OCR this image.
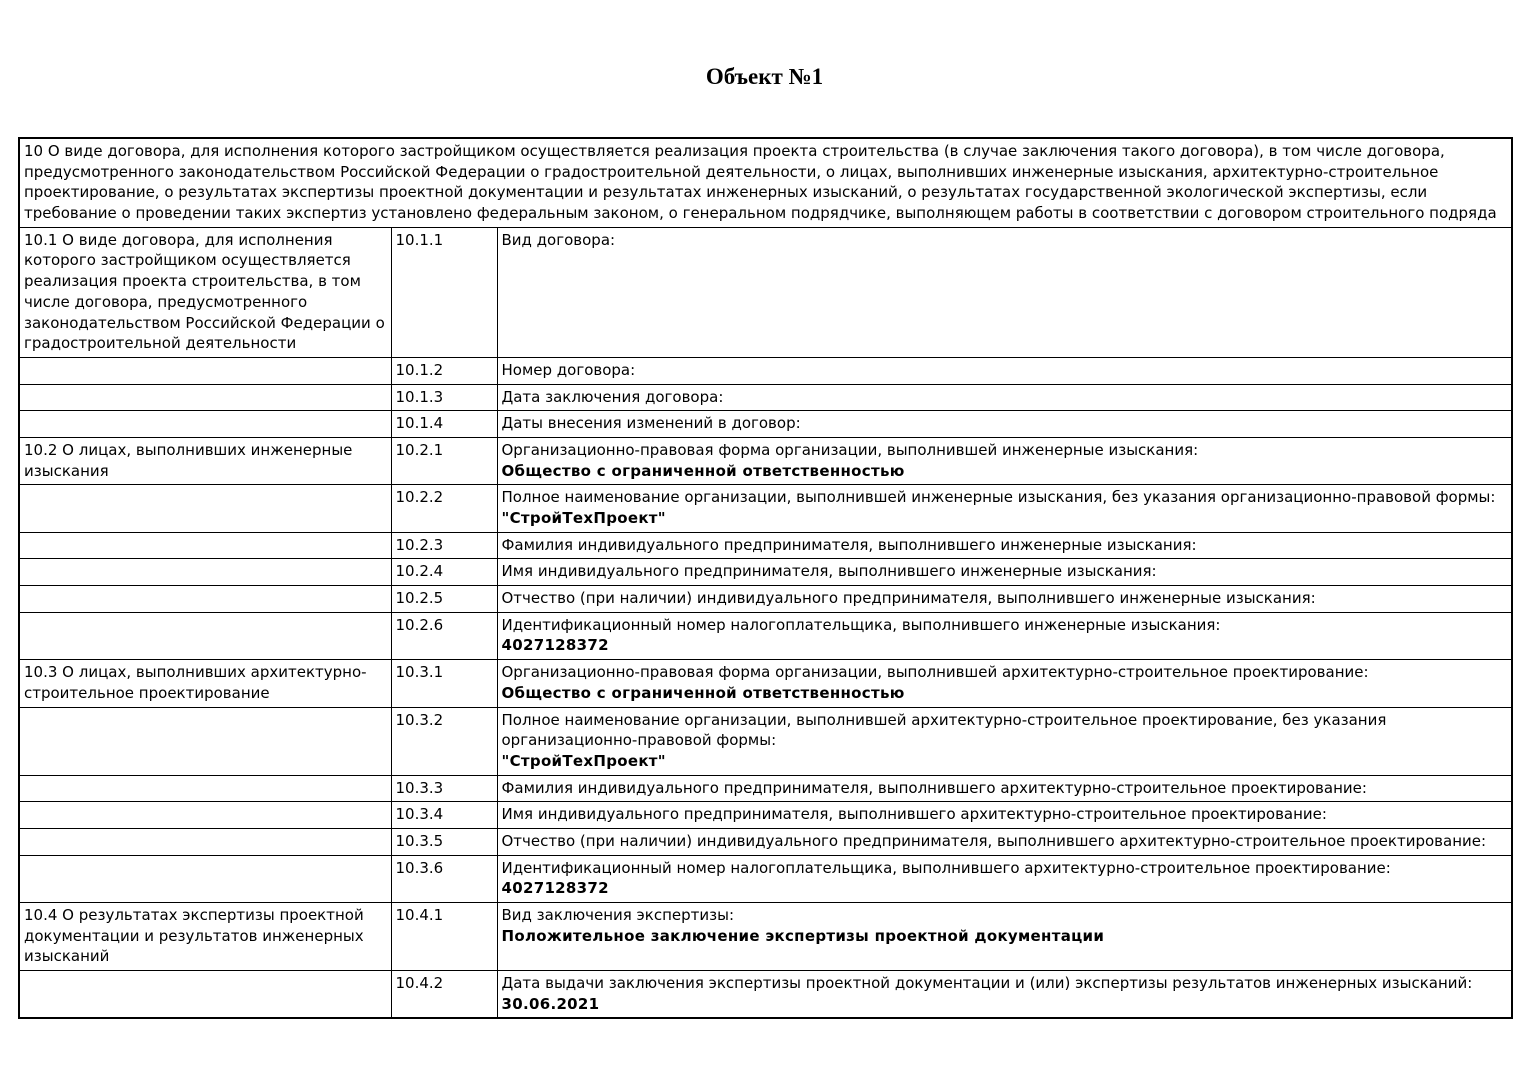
Объект №1
10 О виде договора, для исполнения которого застройщиком осуществляется реализация проекта строительства (в случае заключения такого договора), в том числе договора, предусмотренного законодательством Российской Федерации о градостроительной деятельности, о лицах, выполнивших инженерные изыскания, архитектурно-строительное проектирование, о результатах экспертизы проектной документации и результатах инженерных изысканий, о результатах государственной экологической экспертизы, если требование о проведении таких экспертиз установлено федеральным законом, о генеральном подрядчике, выполняющем работы в соответствии с договором строительного подряда		
10.1 О виде договора, для исполнения которого застройщиком осуществляется реализация проекта строительства, в том числе договора, предусмотренного законодательством Российской Федерации о градостроительной деятельности	10.1.1	Вид договора:

	10.1.2	Номер договора:

	10.1.3	Дата заключения договора:

	10.1.4	Даты внесения изменений в договор:

10.2 О лицах, выполнивших инженерные изыскания	10.2.1	Организационно-правовая форма организации, выполнившей инженерные изыскания:
Общество с ограниченной ответственностью

	10.2.2	Полное наименование организации, выполнившей инженерные изыскания, без указания организационно-правовой формы:
"СтройТехПроект"

	10.2.3	Фамилия индивидуального предпринимателя, выполнившего инженерные изыскания:

	10.2.4	Имя индивидуального предпринимателя, выполнившего инженерные изыскания:

	10.2.5	Отчество (при наличии) индивидуального предпринимателя, выполнившего инженерные изыскания:

	10.2.6	Идентификационный номер налогоплательщика, выполнившего инженерные изыскания:
4027128372

10.3 О лицах, выполнивших архитектурно-строительное проектирование	10.3.1	Организационно-правовая форма организации, выполнившей архитектурно-строительное проектирование:
Общество с ограниченной ответственностью

	10.3.2	Полное наименование организации, выполнившей архитектурно-строительное проектирование, без указания организационно-правовой формы:
"СтройТехПроект"

	10.3.3	Фамилия индивидуального предпринимателя, выполнившего архитектурно-строительное проектирование:

	10.3.4	Имя индивидуального предпринимателя, выполнившего архитектурно-строительное проектирование:

	10.3.5	Отчество (при наличии) индивидуального предпринимателя, выполнившего архитектурно-строительное проектирование:

	10.3.6	Идентификационный номер налогоплательщика, выполнившего архитектурно-строительное проектирование:
4027128372

10.4 О результатах экспертизы проектной документации и результатов инженерных изысканий	10.4.1	Вид заключения экспертизы:
Положительное заключение экспертизы проектной документации

	10.4.2	Дата выдачи заключения экспертизы проектной документации и (или) экспертизы результатов инженерных изысканий:
30.06.2021
